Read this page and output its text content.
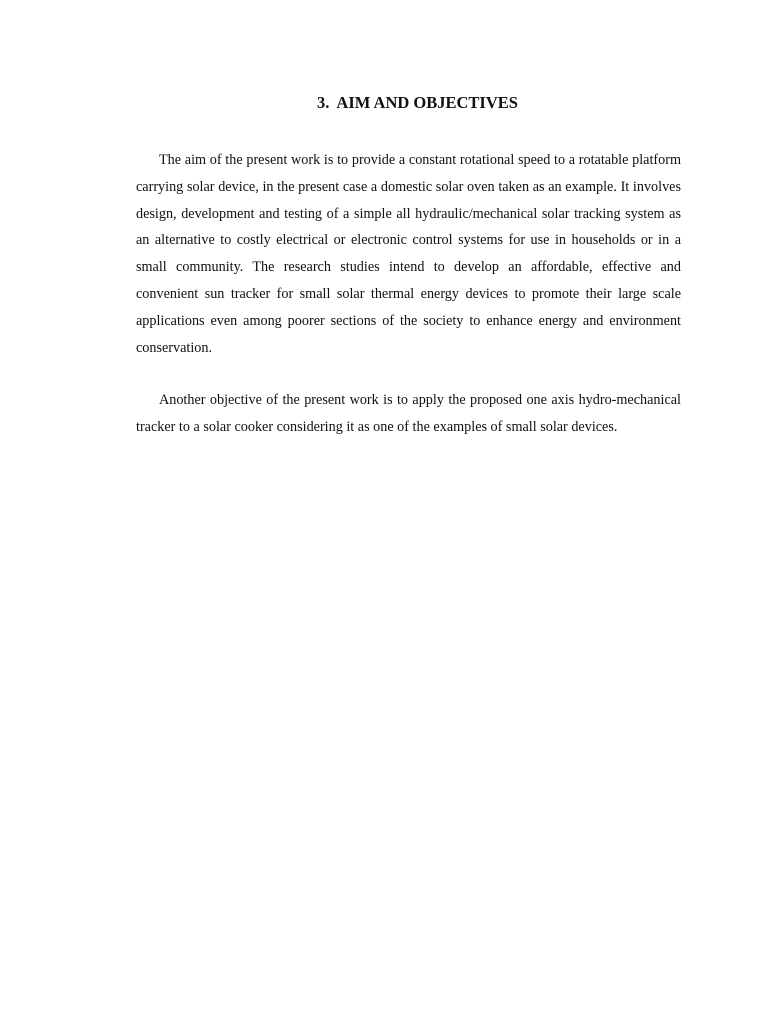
3. AIM AND OBJECTIVES

The aim of the present work is to provide a constant rotational speed to a rotatable platform carrying solar device, in the present case a domestic solar oven taken as an example. It involves design, development and testing of a simple all hydraulic/mechanical solar tracking system as an alternative to costly electrical or electronic control systems for use in households or in a small community. The research studies intend to develop an affordable, effective and convenient sun tracker for small solar thermal energy devices to promote their large scale applications even among poorer sections of the society to enhance energy and environment conservation.

Another objective of the present work is to apply the proposed one axis hydro-mechanical tracker to a solar cooker considering it as one of the examples of small solar devices.
